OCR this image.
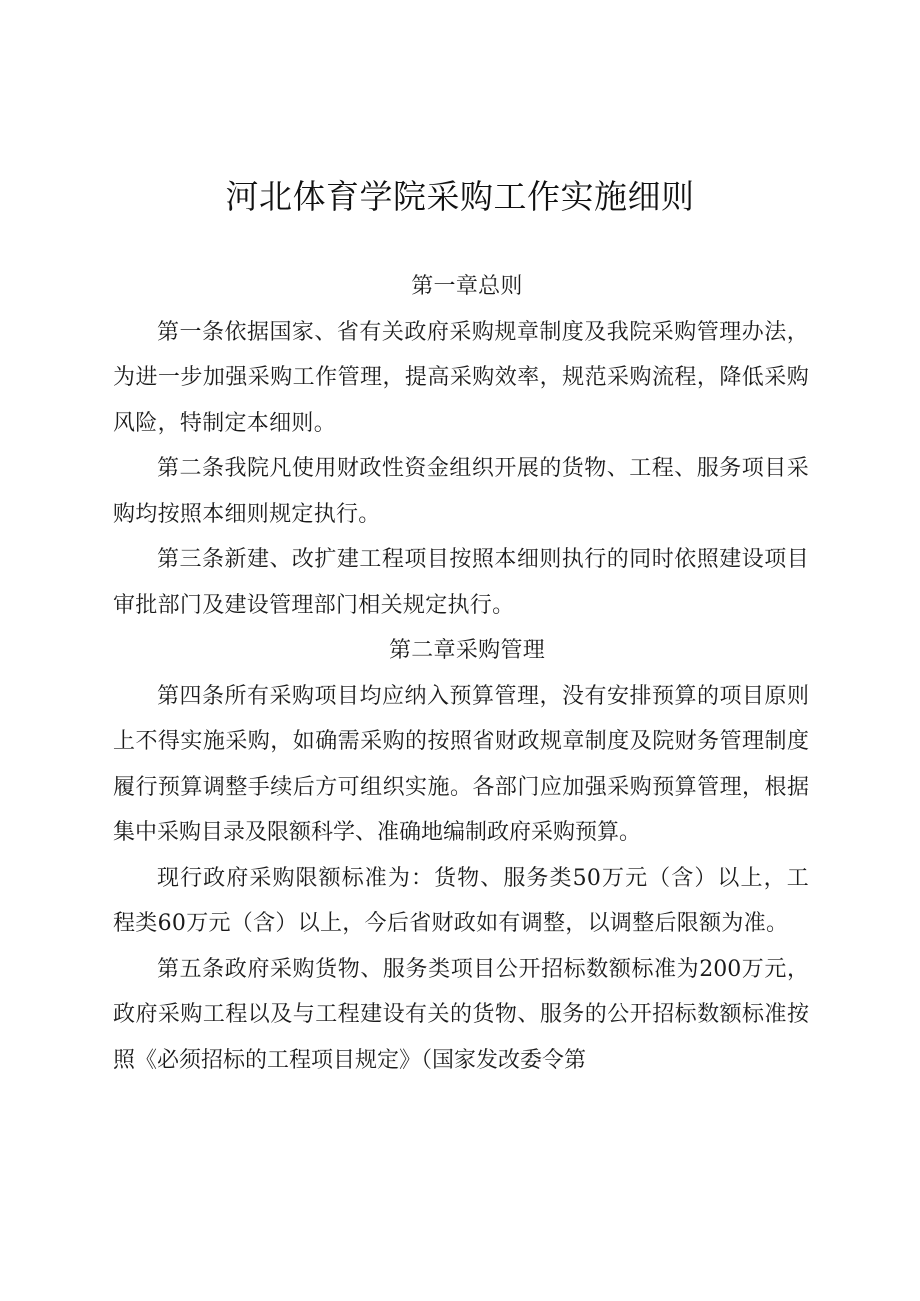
河北体育学院采购工作实施细则

第一章总则

第一条依据国家、省有关政府采购规章制度及我院采购管理办法，为进一步加强采购工作管理，提高采购效率，规范采购流程，降低采购风险，特制定本细则。

第二条我院凡使用财政性资金组织开展的货物、工程、服务项目采购均按照本细则规定执行。

第三条新建、改扩建工程项目按照本细则执行的同时依照建设项目审批部门及建设管理部门相关规定执行。

第二章采购管理

第四条所有采购项目均应纳入预算管理，没有安排预算的项目原则上不得实施采购，如确需采购的按照省财政规章制度及院财务管理制度履行预算调整手续后方可组织实施。各部门应加强采购预算管理，根据集中采购目录及限额科学、准确地编制政府采购预算。

现行政府采购限额标准为：货物、服务类50万元（含）以上，工程类60万元（含）以上，今后省财政如有调整，以调整后限额为准。

第五条政府采购货物、服务类项目公开招标数额标准为200万元，政府采购工程以及与工程建设有关的货物、服务的公开招标数额标准按照《必须招标的工程项目规定》（国家发改委令第
